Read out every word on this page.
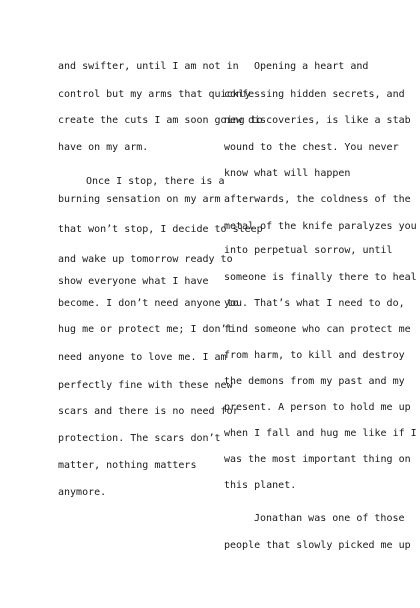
and swifter, until I am not in
control but my arms that quickly
create the cuts I am soon going to
have on my arm.
Once I stop, there is a
burning sensation on my arm
that won’t stop, I decide to sleep
and wake up tomorrow ready to
show everyone what I have
become. I don’t need anyone to
hug me or protect me; I don’t
need anyone to love me. I am
perfectly fine with these new
scars and there is no need for
protection. The scars don’t
matter, nothing matters
anymore.
Opening a heart and
confessing hidden secrets, and
new discoveries, is like a stab
wound to the chest. You never
know what will happen
afterwards, the coldness of the
metal of the knife paralyzes you
into perpetual sorrow, until
someone is finally there to heal
you. That’s what I need to do,
find someone who can protect me
from harm, to kill and destroy
the demons from my past and my
present. A person to hold me up
when I fall and hug me like if I
was the most important thing on
this planet.
Jonathan was one of those
people that slowly picked me up
